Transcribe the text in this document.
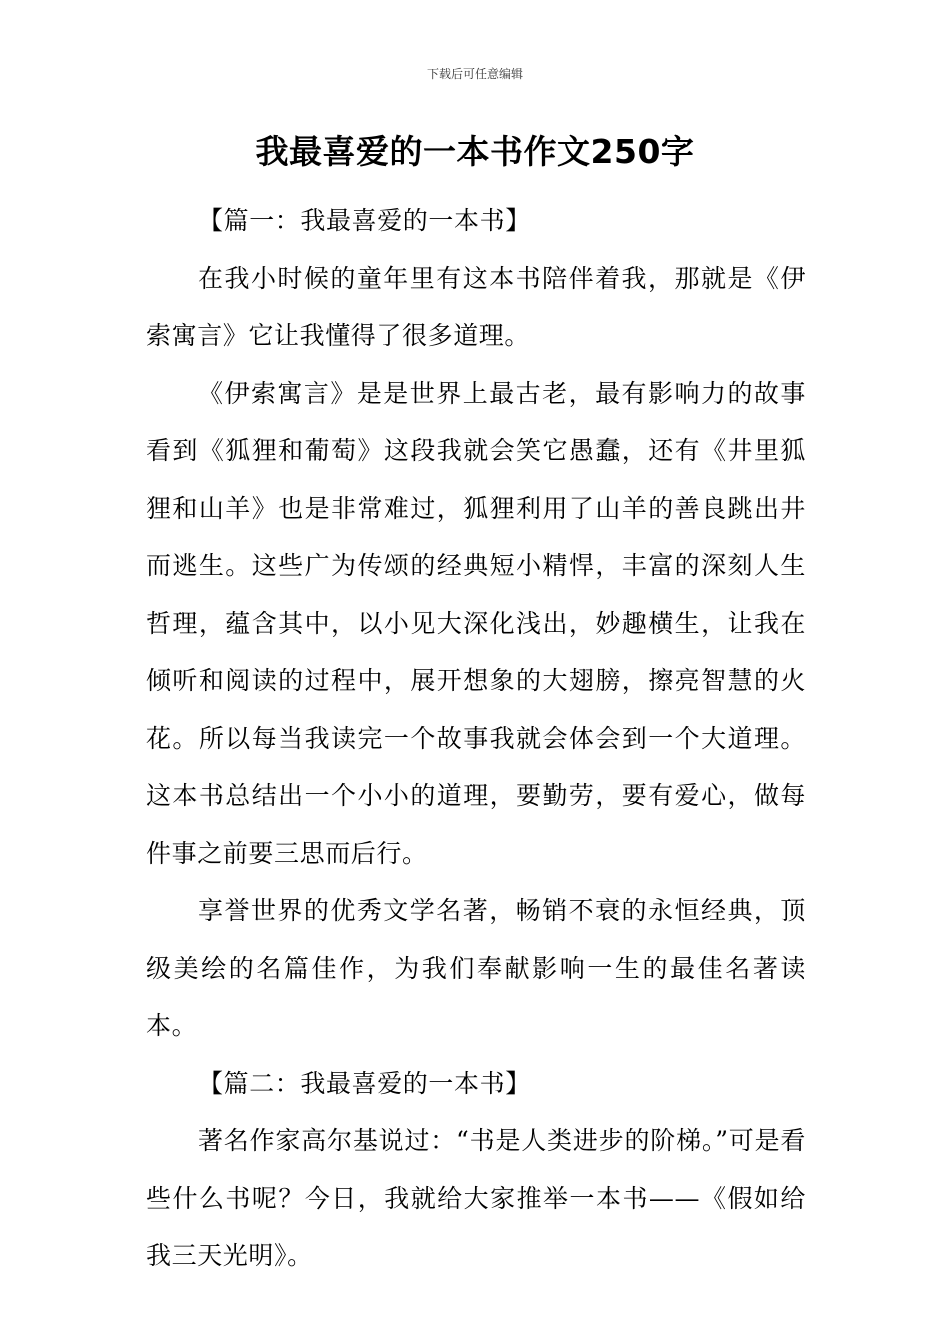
下载后可任意编辑
我最喜爱的一本书作文250字
【篇一：我最喜爱的一本书】

在我小时候的童年里有这本书陪伴着我，那就是《伊索寓言》它让我懂得了很多道理。

《伊索寓言》是是世界上最古老，最有影响力的故事看到《狐狸和葡萄》这段我就会笑它愚蠢，还有《井里狐狸和山羊》也是非常难过，狐狸利用了山羊的善良跳出井而逃生。这些广为传颂的经典短小精悍，丰富的深刻人生哲理，蕴含其中，以小见大深化浅出，妙趣横生，让我在倾听和阅读的过程中，展开想象的大翅膀，擦亮智慧的火花。所以每当我读完一个故事我就会体会到一个大道理。这本书总结出一个小小的道理，要勤劳，要有爱心，做每件事之前要三思而后行。

享誉世界的优秀文学名著，畅销不衰的永恒经典，顶级美绘的名篇佳作，为我们奉献影响一生的最佳名著读本。

【篇二：我最喜爱的一本书】

著名作家高尔基说过：“书是人类进步的阶梯。”可是看些什么书呢？今日，我就给大家推举一本书——《假如给我三天光明》。
